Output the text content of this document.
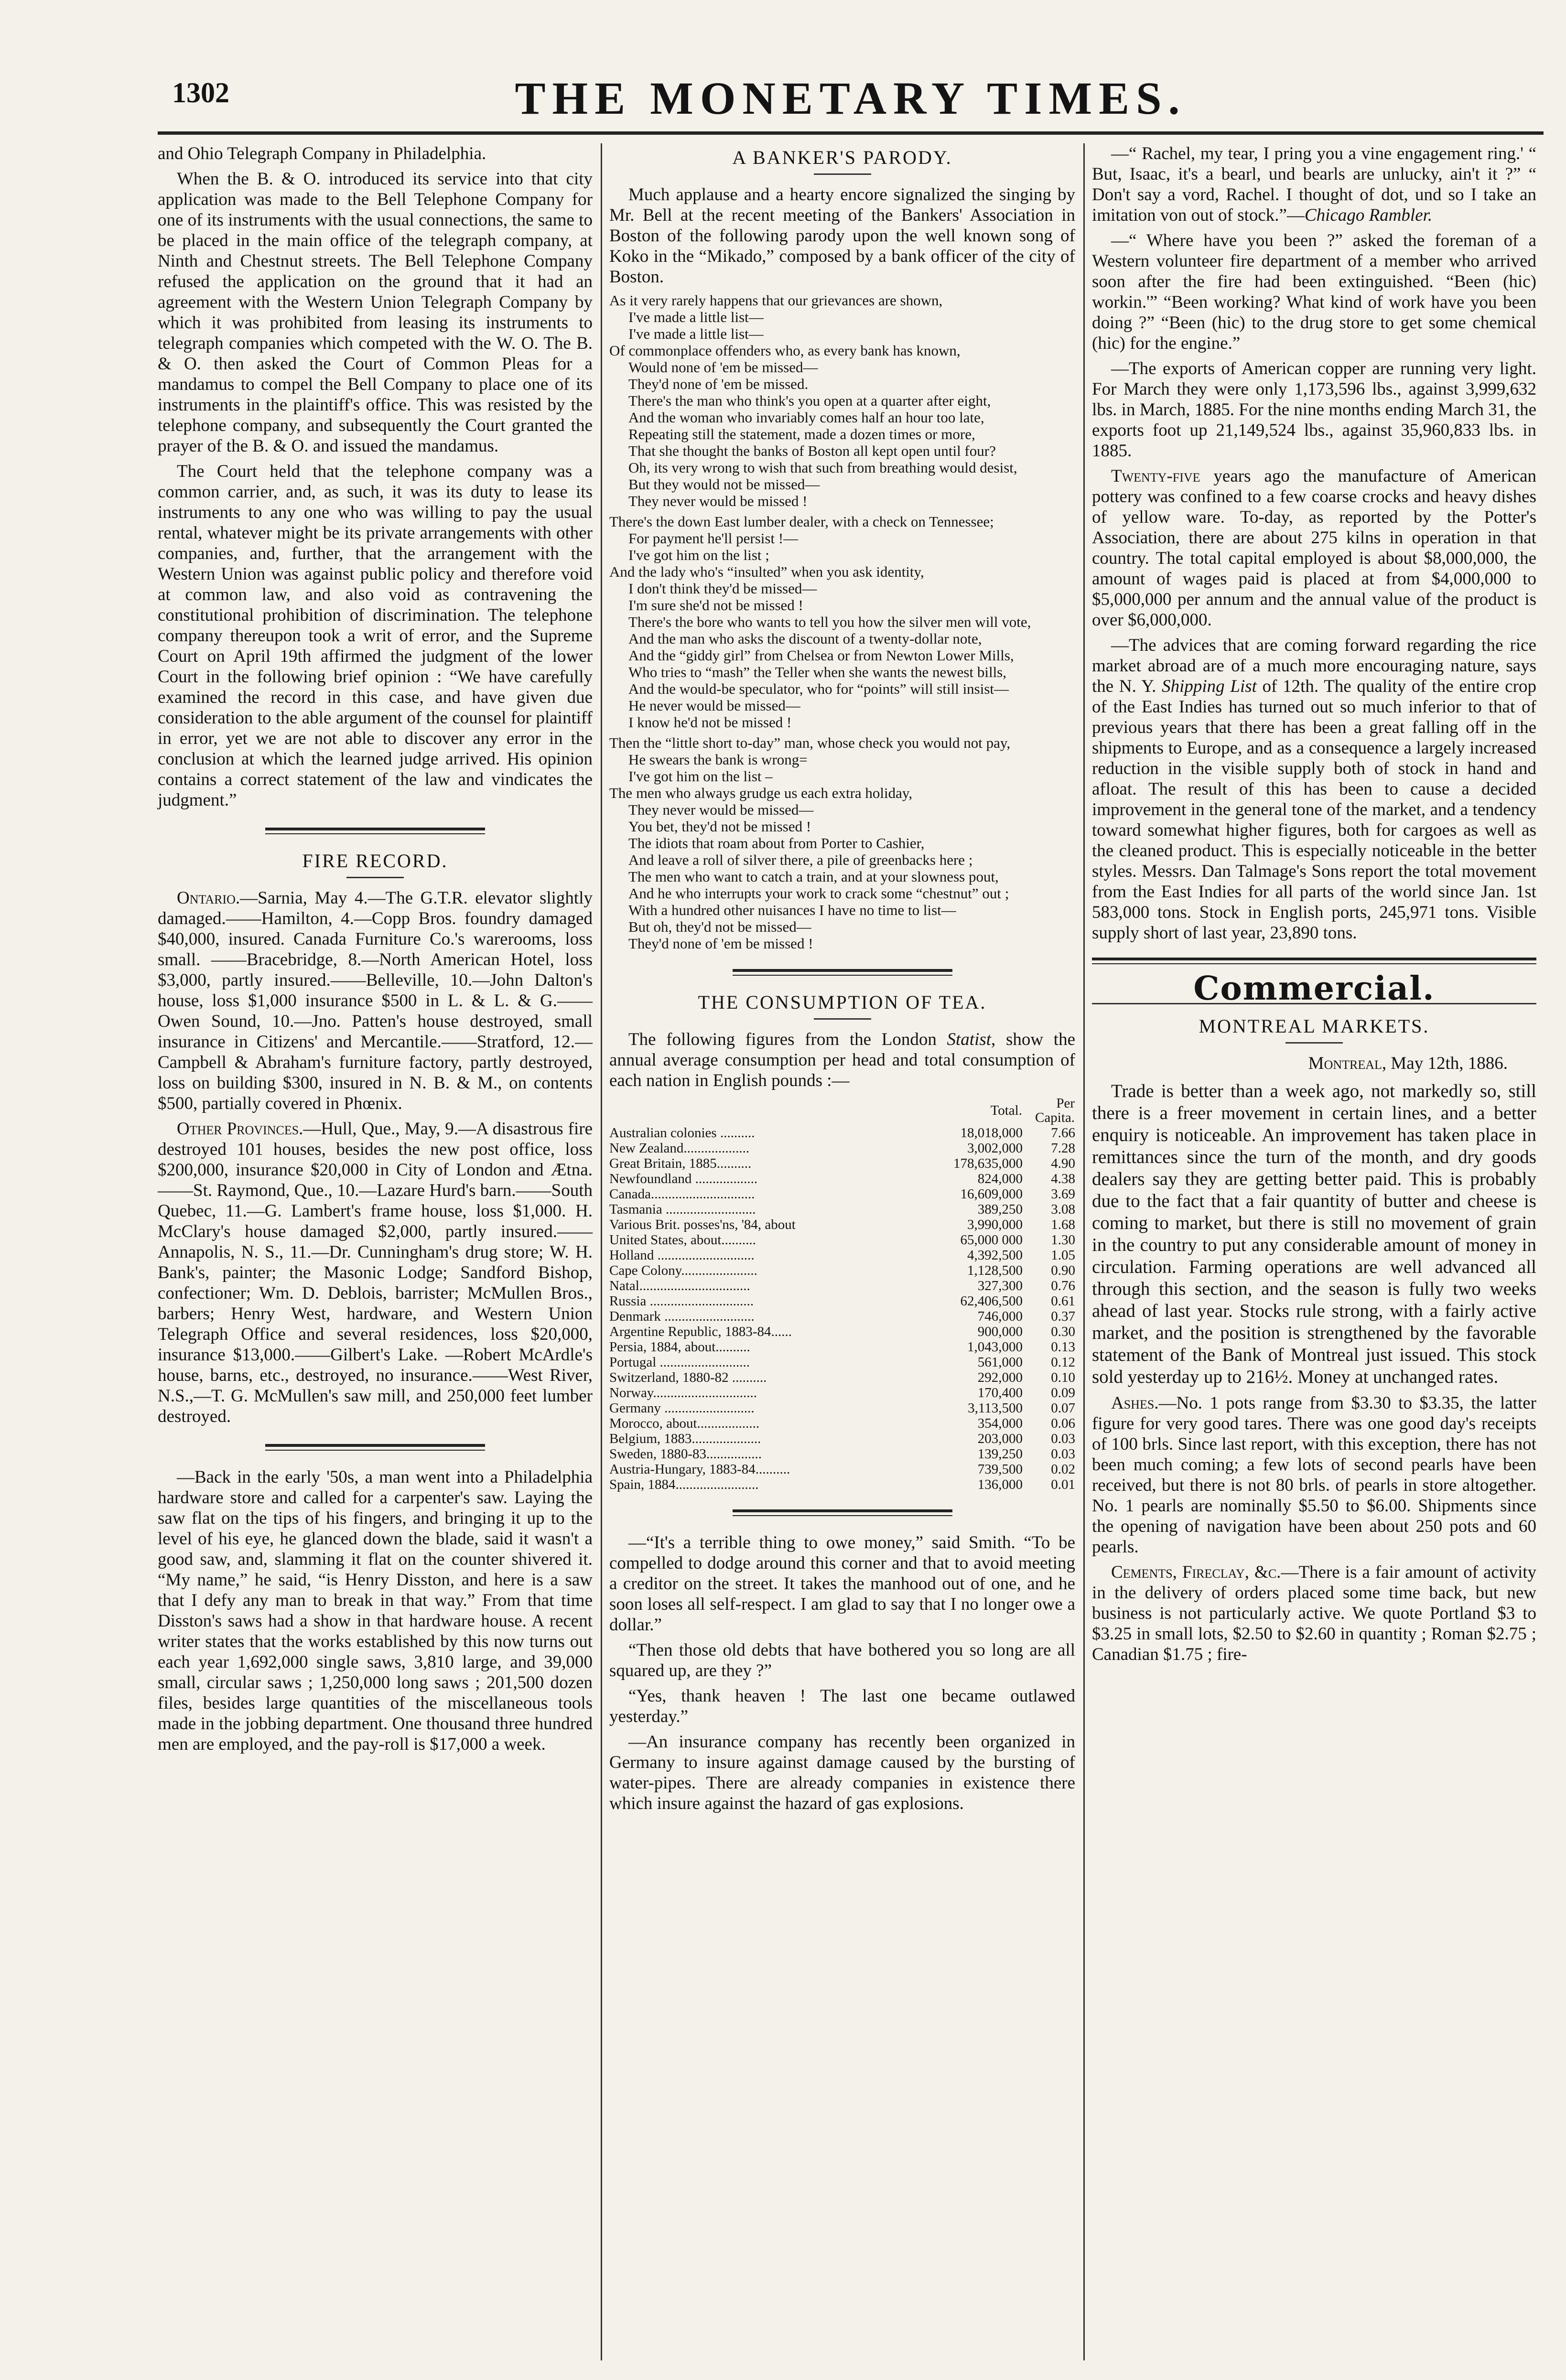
1302	THE MONETARY TIMES.

and Ohio Telegraph Company in Philadelphia.

When the B. & O. introduced its service into that city application was made to the Bell Telephone Company for one of its instruments with the usual connections, the same to be placed in the main office of the telegraph company, at Ninth and Chestnut streets. The Bell Telephone Company refused the application on the ground that it had an agreement with the Western Union Telegraph Company by which it was prohibited from leasing its instruments to telegraph companies which competed with the W. O. The B. & O. then asked the Court of Common Pleas for a mandamus to compel the Bell Company to place one of its instruments in the plaintiff's office. This was resisted by the telephone company, and subsequently the Court granted the prayer of the B. & O. and issued the mandamus.

The Court held that the telephone company was a common carrier, and, as such, it was its duty to lease its instruments to any one who was willing to pay the usual rental, whatever might be its private arrangements with other companies, and, further, that the arrangement with the Western Union was against public policy and therefore void at common law, and also void as contravening the constitutional prohibition of discrimination. The telephone company thereupon took a writ of error, and the Supreme Court on April 19th affirmed the judgment of the lower Court in the following brief opinion : “We have carefully examined the record in this case, and have given due consideration to the able argument of the counsel for plaintiff in error, yet we are not able to discover any error in the conclusion at which the learned judge arrived. His opinion contains a correct statement of the law and vindicates the judgment.”

FIRE RECORD.

Ontario.—Sarnia, May 4.—The G.T.R. elevator slightly damaged.——Hamilton, 4.—Copp Bros. foundry damaged $40,000, insured. Canada Furniture Co.'s warerooms, loss small. ——Bracebridge, 8.—North American Hotel, loss $3,000, partly insured.——Belleville, 10.—John Dalton's house, loss $1,000 insurance $500 in L. & L. & G.——Owen Sound, 10.—Jno. Patten's house destroyed, small insurance in Citizens' and Mercantile.——Stratford, 12.—Campbell & Abraham's furniture factory, partly destroyed, loss on building $300, insured in N. B. & M., on contents $500, partially covered in Phœnix.

Other Provinces.—Hull, Que., May, 9.—A disastrous fire destroyed 101 houses, besides the new post office, loss $200,000, insurance $20,000 in City of London and Ætna.——St. Raymond, Que., 10.—Lazare Hurd's barn.——South Quebec, 11.—G. Lambert's frame house, loss $1,000. H. McClary's house damaged $2,000, partly insured.——Annapolis, N. S., 11.—Dr. Cunningham's drug store; W. H. Bank's, painter; the Masonic Lodge; Sandford Bishop, confectioner; Wm. D. Deblois, barrister; McMullen Bros., barbers; Henry West, hardware, and Western Union Telegraph Office and several residences, loss $20,000, insurance $13,000.——Gilbert's Lake. —Robert McArdle's house, barns, etc., destroyed, no insurance.——West River, N.S.,—T. G. McMullen's saw mill, and 250,000 feet lumber destroyed.

—Back in the early '50s, a man went into a Philadelphia hardware store and called for a carpenter's saw. Laying the saw flat on the tips of his fingers, and bringing it up to the level of his eye, he glanced down the blade, said it wasn't a good saw, and, slamming it flat on the counter shivered it. “My name,” he said, “is Henry Disston, and here is a saw that I defy any man to break in that way.” From that time Disston's saws had a show in that hardware house. A recent writer states that the works established by this now turns out each year 1,692,000 single saws, 3,810 large, and 39,000 small, circular saws ; 1,250,000 long saws ; 201,500 dozen files, besides large quantities of the miscellaneous tools made in the jobbing department. One thousand three hundred men are employed, and the pay-roll is $17,000 a week.

A BANKER'S PARODY.

Much applause and a hearty encore signalized the singing by Mr. Bell at the recent meeting of the Bankers' Association in Boston of the following parody upon the well known song of Koko in the “Mikado,” composed by a bank officer of the city of Boston.

As it very rarely happens that our grievances are shown,
I've made a little list—
I've made a little list—
Of commonplace offenders who, as every bank has known,
Would none of 'em be missed—
They'd none of 'em be missed.
There's the man who think's you open at a quarter after eight,
And the woman who invariably comes half an hour too late,
Repeating still the statement, made a dozen times or more,
That she thought the banks of Boston all kept open until four?
Oh, its very wrong to wish that such from breathing would desist,
But they would not be missed—
They never would be missed !
There's the down East lumber dealer, with a check on Tennessee;
For payment he'll persist !—
I've got him on the list ;
And the lady who's “insulted” when you ask identity,
I don't think they'd be missed—
I'm sure she'd not be missed !
There's the bore who wants to tell you how the silver men will vote,
And the man who asks the discount of a twenty-dollar note,
And the “giddy girl” from Chelsea or from Newton Lower Mills,
Who tries to “mash” the Teller when she wants the newest bills,
And the would-be speculator, who for “points” will still insist—
He never would be missed—
I know he'd not be missed !
Then the “little short to-day” man, whose check you would not pay,
He swears the bank is wrong=
I've got him on the list –
The men who always grudge us each extra holiday,
They never would be missed—
You bet, they'd not be missed !
The idiots that roam about from Porter to Cashier,
And leave a roll of silver there, a pile of greenbacks here ;
The men who want to catch a train, and at your slowness pout,
And he who interrupts your work to crack some “chestnut” out ;
With a hundred other nuisances I have no time to list—
But oh, they'd not be missed—
They'd none of 'em be missed !
THE CONSUMPTION OF TEA.

The following figures from the London Statist, show the annual average consumption per head and total consumption of each nation in English pounds :—

	Total.	Per Capita.
Australian colonies ..........	18,018,000	7.66
New Zealand...................	3,002,000	7.28
Great Britain, 1885..........	178,635,000	4.90
Newfoundland ..................	824,000	4.38
Canada..............................	16,609,000	3.69
Tasmania ..........................	389,250	3.08
Various Brit. posses'ns, '84, about	3,990,000	1.68
United States, about..........	65,000 000	1.30
Holland ............................	4,392,500	1.05
Cape Colony......................	1,128,500	0.90
Natal................................	327,300	0.76
Russia ..............................	62,406,500	0.61
Denmark ..........................	746,000	0.37
Argentine Republic, 1883-84......	900,000	0.30
Persia, 1884, about..........	1,043,000	0.13
Portugal ..........................	561,000	0.12
Switzerland, 1880-82 ..........	292,000	0.10
Norway..............................	170,400	0.09
Germany ..........................	3,113,500	0.07
Morocco, about..................	354,000	0.06
Belgium, 1883....................	203,000	0.03
Sweden, 1880-83................	139,250	0.03
Austria-Hungary, 1883-84..........	739,500	0.02
Spain, 1884........................	136,000	0.01

—“It's a terrible thing to owe money,” said Smith. “To be compelled to dodge around this corner and that to avoid meeting a creditor on the street. It takes the manhood out of one, and he soon loses all self-respect. I am glad to say that I no longer owe a dollar.”

“Then those old debts that have bothered you so long are all squared up, are they ?”

“Yes, thank heaven ! The last one became outlawed yesterday.”

—An insurance company has recently been organized in Germany to insure against damage caused by the bursting of water-pipes. There are already companies in existence there which insure against the hazard of gas explosions.

—“ Rachel, my tear, I pring you a vine engagement ring.' “ But, Isaac, it's a bearl, und bearls are unlucky, ain't it ?” “ Don't say a vord, Rachel. I thought of dot, und so I take an imitation von out of stock.”—Chicago Rambler.

—“ Where have you been ?” asked the foreman of a Western volunteer fire department of a member who arrived soon after the fire had been extinguished. “Been (hic) workin.'” “Been working? What kind of work have you been doing ?” “Been (hic) to the drug store to get some chemical (hic) for the engine.”

—The exports of American copper are running very light. For March they were only 1,173,596 lbs., against 3,999,632 lbs. in March, 1885. For the nine months ending March 31, the exports foot up 21,149,524 lbs., against 35,960,833 lbs. in 1885.

Twenty-five years ago the manufacture of American pottery was confined to a few coarse crocks and heavy dishes of yellow ware. To-day, as reported by the Potter's Association, there are about 275 kilns in operation in that country. The total capital employed is about $8,000,000, the amount of wages paid is placed at from $4,000,000 to $5,000,000 per annum and the annual value of the product is over $6,000,000.

—The advices that are coming forward regarding the rice market abroad are of a much more encouraging nature, says the N. Y. Shipping List of 12th. The quality of the entire crop of the East Indies has turned out so much inferior to that of previous years that there has been a great falling off in the shipments to Europe, and as a consequence a largely increased reduction in the visible supply both of stock in hand and afloat. The result of this has been to cause a decided improvement in the general tone of the market, and a tendency toward somewhat higher figures, both for cargoes as well as the cleaned product. This is especially noticeable in the better styles. Messrs. Dan Talmage's Sons report the total movement from the East Indies for all parts of the world since Jan. 1st 583,000 tons. Stock in English ports, 245,971 tons. Visible supply short of last year, 23,890 tons.

Commercial.
MONTREAL MARKETS.

Montreal, May 12th, 1886.

Trade is better than a week ago, not markedly so, still there is a freer movement in certain lines, and a better enquiry is noticeable. An improvement has taken place in remittances since the turn of the month, and dry goods dealers say they are getting better paid. This is probably due to the fact that a fair quantity of butter and cheese is coming to market, but there is still no movement of grain in the country to put any considerable amount of money in circulation. Farming operations are well advanced all through this section, and the season is fully two weeks ahead of last year. Stocks rule strong, with a fairly active market, and the position is strengthened by the favorable statement of the Bank of Montreal just issued. This stock sold yesterday up to 216½. Money at unchanged rates.

Ashes.—No. 1 pots range from $3.30 to $3.35, the latter figure for very good tares. There was one good day's receipts of 100 brls. Since last report, with this exception, there has not been much coming; a few lots of second pearls have been received, but there is not 80 brls. of pearls in store altogether. No. 1 pearls are nominally $5.50 to $6.00. Shipments since the opening of navigation have been about 250 pots and 60 pearls.

Cements, Fireclay, &c.—There is a fair amount of activity in the delivery of orders placed some time back, but new business is not particularly active. We quote Portland $3 to $3.25 in small lots, $2.50 to $2.60 in quantity ; Roman $2.75 ; Canadian $1.75 ; fire-
